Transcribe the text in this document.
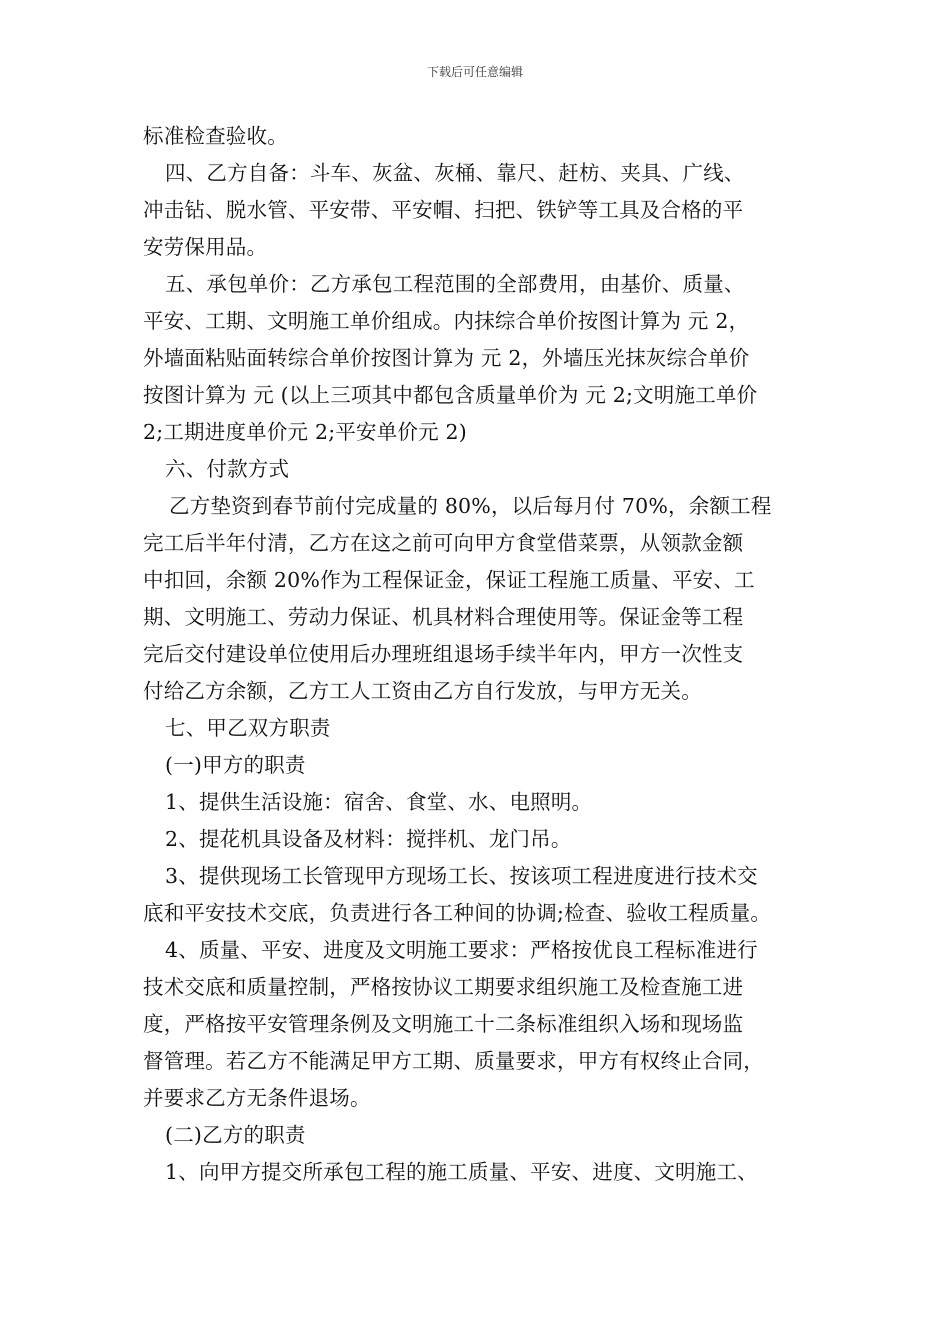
下载后可任意编辑

标准检查验收。

四、乙方自备：斗车、灰盆、灰桶、靠尺、赶枋、夹具、广线、

冲击钻、脱水管、平安带、平安帽、扫把、铁铲等工具及合格的平

安劳保用品。

五、承包单价：乙方承包工程范围的全部费用，由基价、质量、

平安、工期、文明施工单价组成。内抹综合单价按图计算为 元 2，

外墙面粘贴面转综合单价按图计算为 元 2，外墙压光抹灰综合单价

按图计算为 元 (以上三项其中都包含质量单价为 元 2;文明施工单价

2;工期进度单价元 2;平安单价元 2)

六、付款方式

乙方垫资到春节前付完成量的 80%，以后每月付 70%，余额工程

完工后半年付清，乙方在这之前可向甲方食堂借菜票，从领款金额

中扣回，余额 20%作为工程保证金，保证工程施工质量、平安、工

期、文明施工、劳动力保证、机具材料合理使用等。保证金等工程

完后交付建设单位使用后办理班组退场手续半年内，甲方一次性支

付给乙方余额，乙方工人工资由乙方自行发放，与甲方无关。

七、甲乙双方职责

(一)甲方的职责

1、提供生活设施：宿舍、食堂、水、电照明。

2、提花机具设备及材料：搅拌机、龙门吊。

3、提供现场工长管现甲方现场工长、按该项工程进度进行技术交

底和平安技术交底，负责进行各工种间的协调;检查、验收工程质量。

4、质量、平安、进度及文明施工要求：严格按优良工程标准进行

技术交底和质量控制，严格按协议工期要求组织施工及检查施工进

度，严格按平安管理条例及文明施工十二条标准组织入场和现场监

督管理。若乙方不能满足甲方工期、质量要求，甲方有权终止合同，

并要求乙方无条件退场。

(二)乙方的职责

1、向甲方提交所承包工程的施工质量、平安、进度、文明施工、
